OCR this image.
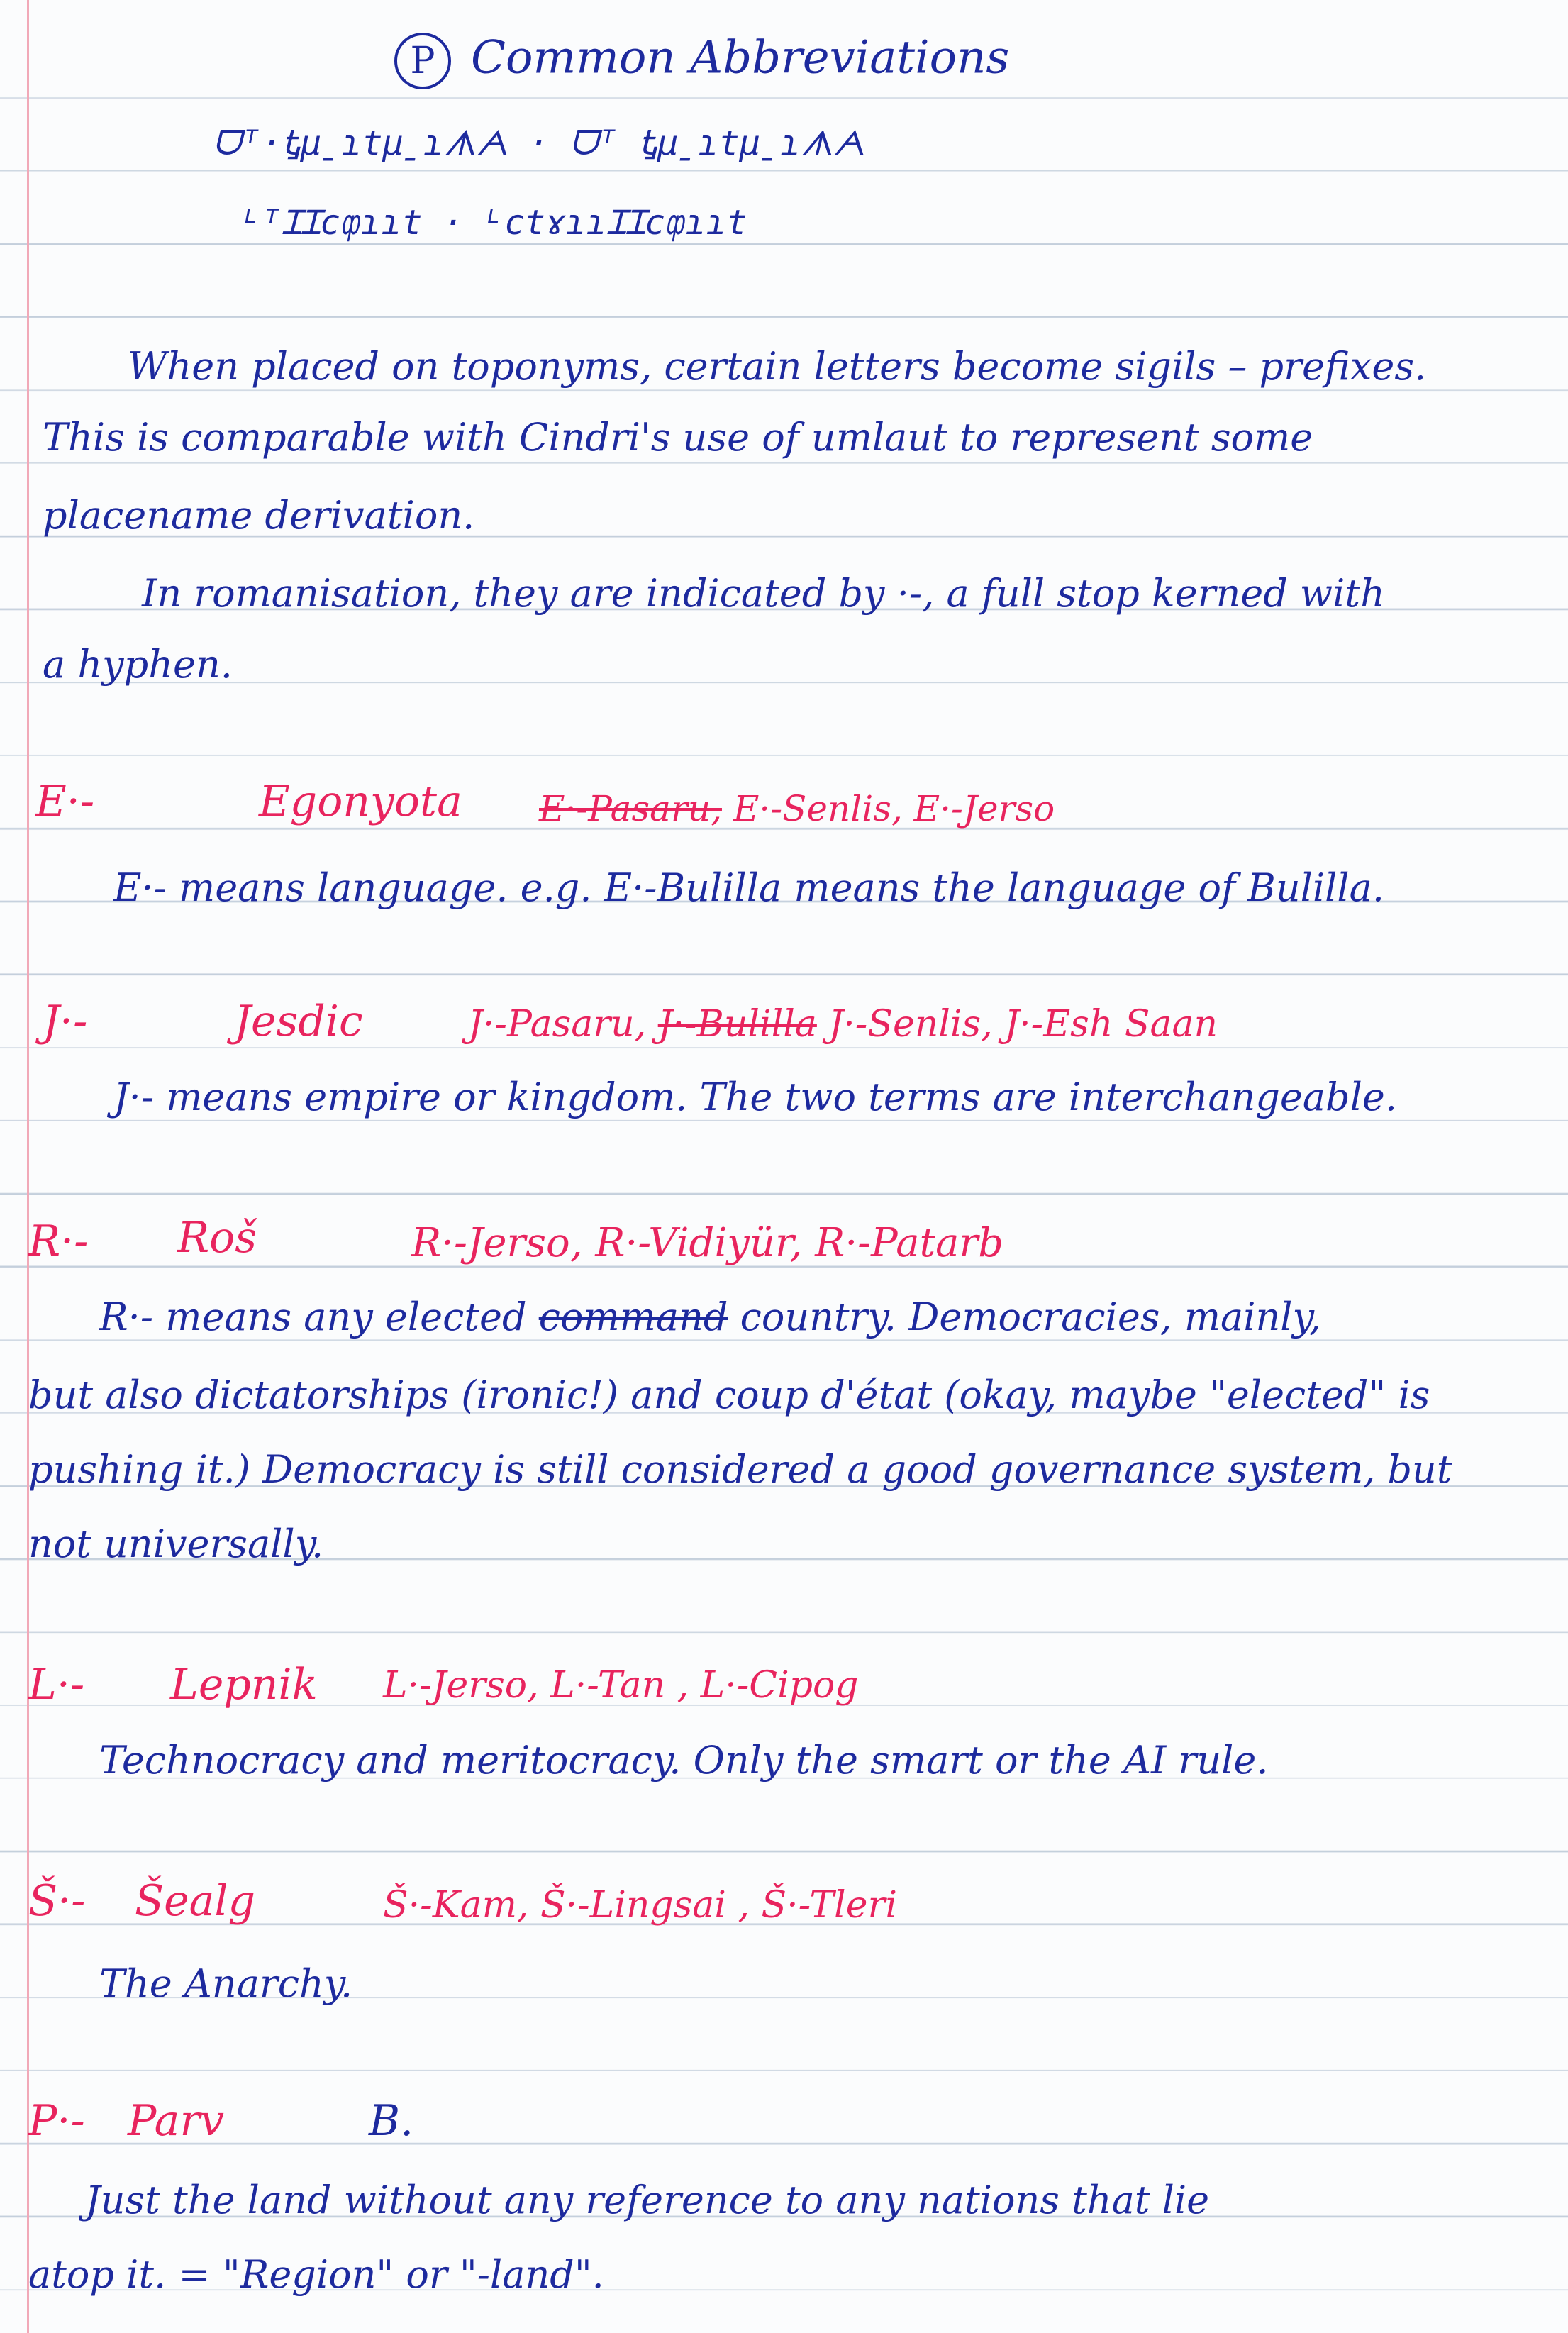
P Common Abbreviations
ᗜᵀ·Ꮏµ̱ɿtµ̱ɿᗑᗅ · ᗜᵀ Ꮏµ̱ɿtµ̱ɿᗑᗅ
ᴸᵀꞮꞮϲȹɿɿt · ᴸϲtɤɿɿꞮꞮϲȹɿɿt
When placed on toponyms, certain letters become sigils – prefixes.
This is comparable with Cindri's use of umlaut to represent some
placename derivation.
In romanisation, they are indicated by ·-, a full stop kerned with
a hyphen.
E·-	Egonyota E·-Pasaru, E·-Senlis, E·-Jerso
E·- means language. e.g. E·-Bulilla means the language of Bulilla.
J·-	Jesdic	J·-Pasaru, J·-Bulilla J·-Senlis, J·-Esh Saan
J·- means empire or kingdom. The two terms are interchangeable.
R·- Roš	R·-Jerso, R·-Vidiyür, R·-Patarb
R·- means any elected command country. Democracies, mainly,
but also dictatorships (ironic!) and coup d'état (okay, maybe "elected" is
pushing it.) Democracy is still considered a good governance system, but
not universally.
L·- Lepnik L·-Jerso, L·-Tan , L·-Cipog
Technocracy and meritocracy. Only the smart or the AI rule.
Š·- Šealg	Š·-Kam, Š·-Lingsai , Š·-Tleri
The Anarchy.
P·- Parv	B.
Just the land without any reference to any nations that lie
atop it. = "Region" or "-land".
